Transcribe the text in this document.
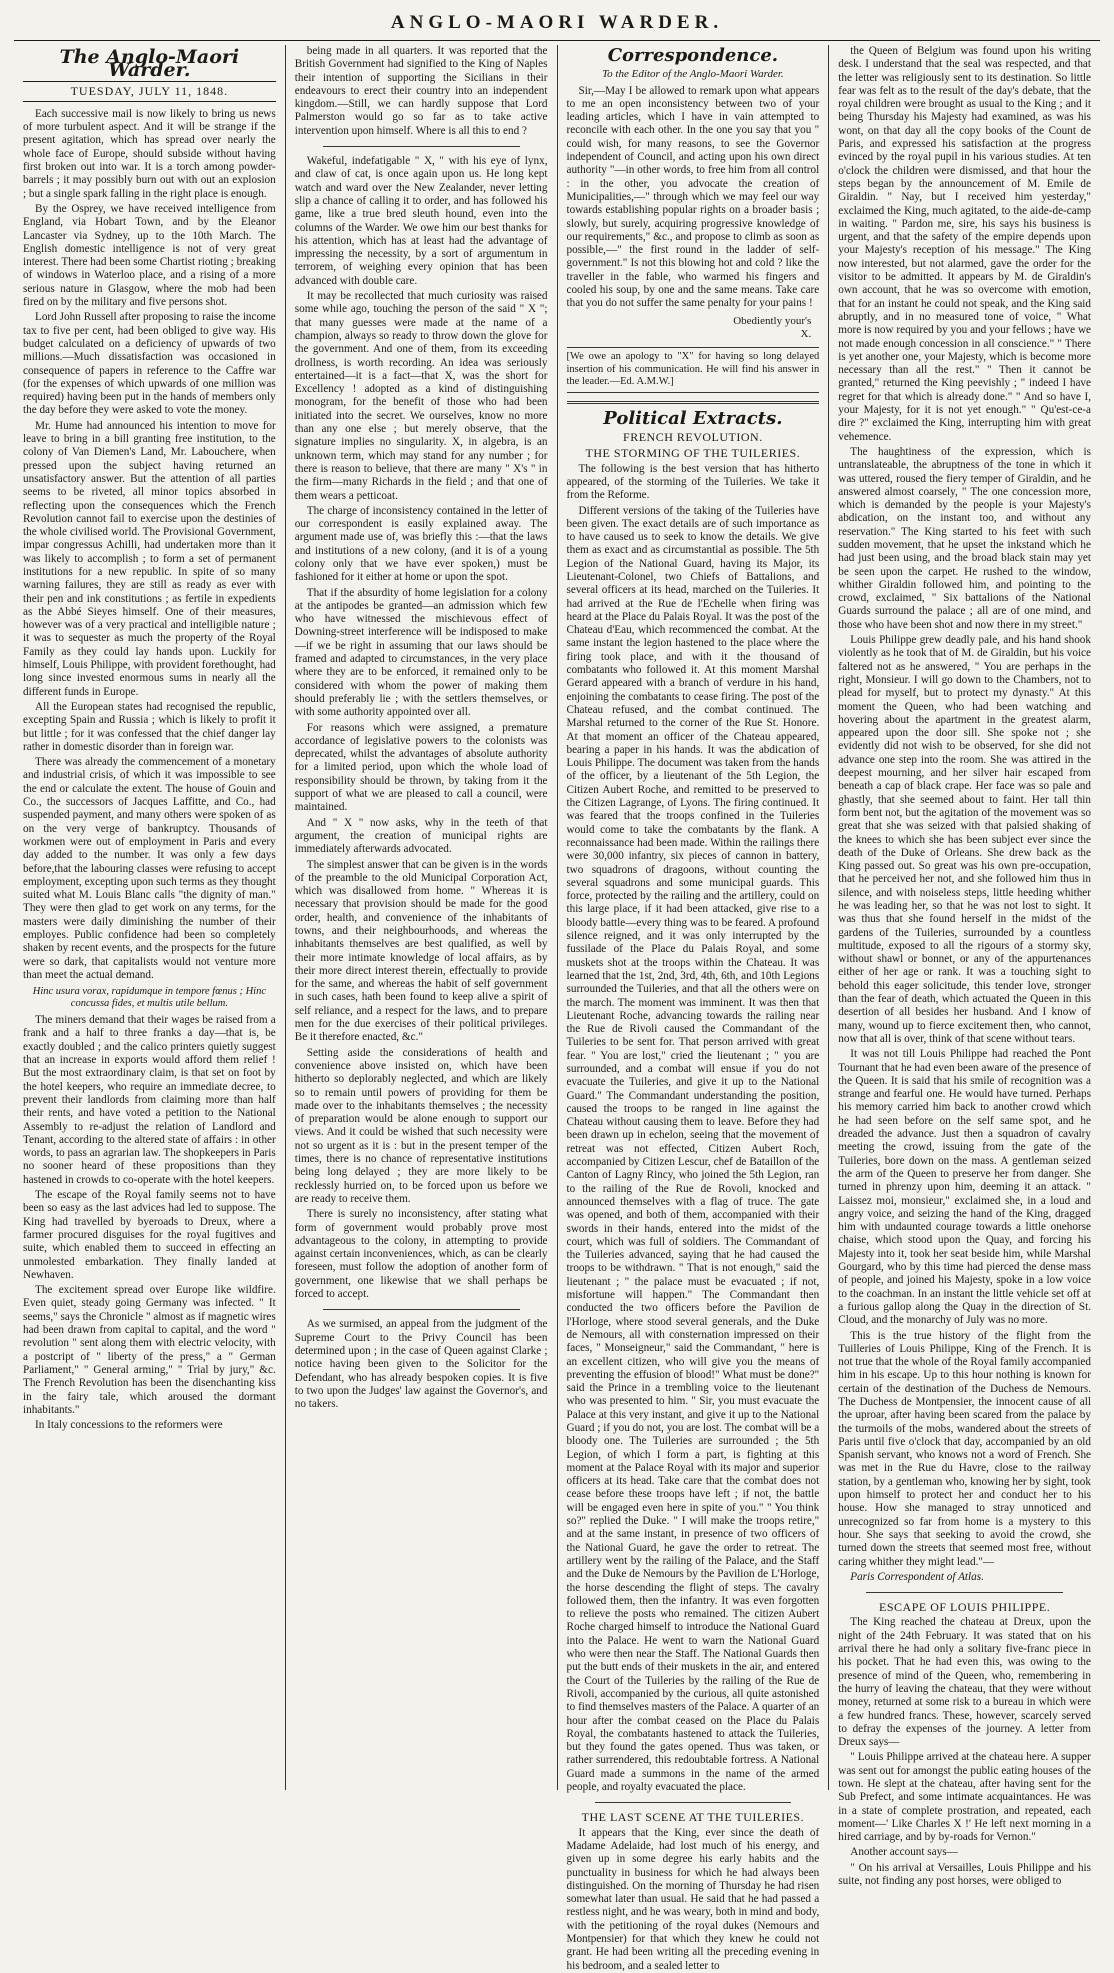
ANGLO-MAORI WARDER.
The Anglo-Maori Warder.
TUESDAY, JULY 11, 1848.

Each successive mail is now likely to bring us news of more turbulent aspect. And it will be strange if the present agitation, which has spread over nearly the whole face of Europe, should subside without having first broken out into war. It is a torch among powder-barrels ; it may possibly burn out with out an explosion ; but a single spark falling in the right place is enough.

By the Osprey, we have received intelligence from England, via Hobart Town, and by the Eleanor Lancaster via Sydney, up to the 10th March. The English domestic intelligence is not of very great interest. There had been some Chartist rioting ; breaking of windows in Waterloo place, and a rising of a more serious nature in Glasgow, where the mob had been fired on by the military and five persons shot.

Lord John Russell after proposing to raise the income tax to five per cent, had been obliged to give way. His budget calculated on a deficiency of upwards of two millions.—Much dissatisfaction was occasioned in consequence of papers in reference to the Caffre war (for the expenses of which upwards of one million was required) having been put in the hands of members only the day before they were asked to vote the money.

Mr. Hume had announced his intention to move for leave to bring in a bill granting free institution, to the colony of Van Diemen's Land, Mr. Labouchere, when pressed upon the subject having returned an unsatisfactory answer. But the attention of all parties seems to be riveted, all minor topics absorbed in reflecting upon the consequences which the French Revolution cannot fail to exercise upon the destinies of the whole civilised world. The Provisional Government, impar congressus Achilli, had undertaken more than it was likely to accomplish ; to form a set of permanent institutions for a new republic. In spite of so many warning failures, they are still as ready as ever with their pen and ink constitutions ; as fertile in expedients as the Abbé Sieyes himself. One of their measures, however was of a very practical and intelligible nature ; it was to sequester as much the property of the Royal Family as they could lay hands upon. Luckily for himself, Louis Philippe, with provident forethought, had long since invested enormous sums in nearly all the different funds in Europe.

All the European states had recognised the republic, excepting Spain and Russia ; which is likely to profit it but little ; for it was confessed that the chief danger lay rather in domestic disorder than in foreign war.

There was already the commencement of a monetary and industrial crisis, of which it was impossible to see the end or calculate the extent. The house of Gouin and Co., the successors of Jacques Laffitte, and Co., had suspended payment, and many others were spoken of as on the very verge of bankruptcy. Thousands of workmen were out of employment in Paris and every day added to the number. It was only a few days before,that the labouring classes were refusing to accept employment, excepting upon such terms as they thought suited what M. Louis Blanc calls "the dignity of man." They were then glad to get work on any terms, for the masters were daily diminishing the number of their employes. Public confidence had been so completely shaken by recent events, and the prospects for the future were so dark, that capitalists would not venture more than meet the actual demand.

Hinc usura vorax, rapidumque in tempore fœnus ; Hinc concussa fides, et multis utile bellum.

The miners demand that their wages be raised from a frank and a half to three franks a day—that is, be exactly doubled ; and the calico printers quietly suggest that an increase in exports would afford them relief ! But the most extraordinary claim, is that set on foot by the hotel keepers, who require an immediate decree, to prevent their landlords from claiming more than half their rents, and have voted a petition to the National Assembly to re-adjust the relation of Landlord and Tenant, according to the altered state of affairs : in other words, to pass an agrarian law. The shopkeepers in Paris no sooner heard of these propositions than they hastened in crowds to co-operate with the hotel keepers.

The escape of the Royal family seems not to have been so easy as the last advices had led to suppose. The King had travelled by byeroads to Dreux, where a farmer procured disguises for the royal fugitives and suite, which enabled them to succeed in effecting an unmolested embarkation. They finally landed at Newhaven.

The excitement spread over Europe like wildfire. Even quiet, steady going Germany was infected. " It seems," says the Chronicle " almost as if magnetic wires had been drawn from capital to capital, and the word " revolution " sent along them with electric velocity, with a postcript of " liberty of the press," a " German Parliament," " General arming," " Trial by jury," &c. The French Revolution has been the disenchanting kiss in the fairy tale, which aroused the dormant inhabitants."

In Italy concessions to the reformers were

being made in all quarters. It was reported that the British Government had signified to the King of Naples their intention of supporting the Sicilians in their endeavours to erect their country into an independent kingdom.—Still, we can hardly suppose that Lord Palmerston would go so far as to take active intervention upon himself. Where is all this to end ?

Wakeful, indefatigable " X, " with his eye of lynx, and claw of cat, is once again upon us. He long kept watch and ward over the New Zealander, never letting slip a chance of calling it to order, and has followed his game, like a true bred sleuth hound, even into the columns of the Warder. We owe him our best thanks for his attention, which has at least had the advantage of impressing the necessity, by a sort of argumentum in terrorem, of weighing every opinion that has been advanced with double care.

It may be recollected that much curiosity was raised some while ago, touching the person of the said " X "; that many guesses were made at the name of a champion, always so ready to throw down the glove for the government. And one of them, from its exceeding drollness, is worth recording. An idea was seriously entertained—it is a fact—that X, was the short for Excellency ! adopted as a kind of distinguishing monogram, for the benefit of those who had been initiated into the secret. We ourselves, know no more than any one else ; but merely observe, that the signature implies no singularity. X, in algebra, is an unknown term, which may stand for any number ; for there is reason to believe, that there are many " X's " in the firm—many Richards in the field ; and that one of them wears a petticoat.

The charge of inconsistency contained in the letter of our correspondent is easily explained away. The argument made use of, was briefly this :—that the laws and institutions of a new colony, (and it is of a young colony only that we have ever spoken,) must be fashioned for it either at home or upon the spot.

That if the absurdity of home legislation for a colony at the antipodes be granted—an admission which few who have witnessed the mischievous effect of Downing-street interference will be indisposed to make—if we be right in assuming that our laws should be framed and adapted to circumstances, in the very place where they are to be enforced, it remained only to be considered with whom the power of making them should preferably lie ; with the settlers themselves, or with some authority appointed over all.

For reasons which were assigned, a premature accordance of legislative powers to the colonists was deprecated, whilst the advantages of absolute authority for a limited period, upon which the whole load of responsibility should be thrown, by taking from it the support of what we are pleased to call a council, were maintained.

And " X " now asks, why in the teeth of that argument, the creation of municipal rights are immediately afterwards advocated.

The simplest answer that can be given is in the words of the preamble to the old Municipal Corporation Act, which was disallowed from home. " Whereas it is necessary that provision should be made for the good order, health, and convenience of the inhabitants of towns, and their neighbourhoods, and whereas the inhabitants themselves are best qualified, as well by their more intimate knowledge of local affairs, as by their more direct interest therein, effectually to provide for the same, and whereas the habit of self government in such cases, hath been found to keep alive a spirit of self reliance, and a respect for the laws, and to prepare men for the due exercises of their political privileges. Be it therefore enacted, &c."

Setting aside the considerations of health and convenience above insisted on, which have been hitherto so deplorably neglected, and which are likely so to remain until powers of providing for them be made over to the inhabitants themselves ; the necessity of preparation would be alone enough to support our views. And it could be wished that such necessity were not so urgent as it is : but in the present temper of the times, there is no chance of representative institutions being long delayed ; they are more likely to be recklessly hurried on, to be forced upon us before we are ready to receive them.

There is surely no inconsistency, after stating what form of government would probably prove most advantageous to the colony, in attempting to provide against certain inconveniences, which, as can be clearly foreseen, must follow the adoption of another form of government, one likewise that we shall perhaps be forced to accept.

As we surmised, an appeal from the judgment of the Supreme Court to the Privy Council has been determined upon ; in the case of Queen against Clarke ; notice having been given to the Solicitor for the Defendant, who has already bespoken copies. It is five to two upon the Judges' law against the Governor's, and no takers.

Correspondence.
To the Editor of the Anglo-Maori Warder.

Sir,—May I be allowed to remark upon what appears to me an open inconsistency between two of your leading articles, which I have in vain attempted to reconcile with each other. In the one you say that you " could wish, for many reasons, to see the Governor independent of Council, and acting upon his own direct authority "—in other words, to free him from all control : in the other, you advocate the creation of Municipalities,—" through which we may feel our way towards establishing popular rights on a broader basis ; slowly, but surely, acquiring progressive knowledge of our requirements," &c., and propose to climb as soon as possible,—" the first round in the ladder of self-government." Is not this blowing hot and cold ? like the traveller in the fable, who warmed his fingers and cooled his soup, by one and the same means. Take care that you do not suffer the same penalty for your pains !

Obediently your's
X.
[We owe an apology to "X" for having so long delayed insertion of his communication. He will find his answer in the leader.—Ed. A.M.W.]
Political Extracts.
FRENCH REVOLUTION.
THE STORMING OF THE TUILERIES.

The following is the best version that has hitherto appeared, of the storming of the Tuileries. We take it from the Reforme.

Different versions of the taking of the Tuileries have been given. The exact details are of such importance as to have caused us to seek to know the details. We give them as exact and as circumstantial as possible. The 5th Legion of the National Guard, having its Major, its Lieutenant-Colonel, two Chiefs of Battalions, and several officers at its head, marched on the Tuileries. It had arrived at the Rue de l'Echelle when firing was heard at the Place du Palais Royal. It was the post of the Chateau d'Eau, which recommenced the combat. At the same instant the legion hastened to the place where the firing took place, and with it the thousand of combatants who followed it. At this moment Marshal Gerard appeared with a branch of verdure in his hand, enjoining the combatants to cease firing. The post of the Chateau refused, and the combat continued. The Marshal returned to the corner of the Rue St. Honore. At that moment an officer of the Chateau appeared, bearing a paper in his hands. It was the abdication of Louis Philippe. The document was taken from the hands of the officer, by a lieutenant of the 5th Legion, the Citizen Aubert Roche, and remitted to be preserved to the Citizen Lagrange, of Lyons. The firing continued. It was feared that the troops confined in the Tuileries would come to take the combatants by the flank. A reconnaissance had been made. Within the railings there were 30,000 infantry, six pieces of cannon in battery, two squadrons of dragoons, without counting the several squadrons and some municipal guards. This force, protected by the railing and the artillery, could on this large place, if it had been attacked, give rise to a bloody battle—every thing was to be feared. A profound silence reigned, and it was only interrupted by the fussilade of the Place du Palais Royal, and some muskets shot at the troops within the Chateau. It was learned that the 1st, 2nd, 3rd, 4th, 6th, and 10th Legions surrounded the Tuileries, and that all the others were on the march. The moment was imminent. It was then that Lieutenant Roche, advancing towards the railing near the Rue de Rivoli caused the Commandant of the Tuileries to be sent for. That person arrived with great fear. " You are lost," cried the lieutenant ; " you are surrounded, and a combat will ensue if you do not evacuate the Tuileries, and give it up to the National Guard." The Commandant understanding the position, caused the troops to be ranged in line against the Chateau without causing them to leave. Before they had been drawn up in echelon, seeing that the movement of retreat was not effected, Citizen Aubert Roch, accompanied by Citizen Lescur, chef de Bataillon of the Canton of Lagny Rincy, who joined the 5th Legion, ran to the railing of the Rue de Rovoli, knocked and announced themselves with a flag of truce. The gate was opened, and both of them, accompanied with their swords in their hands, entered into the midst of the court, which was full of soldiers. The Commandant of the Tuileries advanced, saying that he had caused the troops to be withdrawn. " That is not enough," said the lieutenant ; " the palace must be evacuated ; if not, misfortune will happen." The Commandant then conducted the two officers before the Pavilion de l'Horloge, where stood several generals, and the Duke de Nemours, all with consternation impressed on their faces, " Monseigneur," said the Commandant, " here is an excellent citizen, who will give you the means of preventing the effusion of blood!" What must be done?" said the Prince in a trembling voice to the lieutenant who was presented to him. " Sir, you must evacuate the Palace at this very instant, and give it up to the National Guard ; if you do not, you are lost. The combat will be a bloody one. The Tuileries are surrounded ; the 5th Legion, of which I form a part, is fighting at this moment at the Palace Royal with its major and superior officers at its head. Take care that the combat does not cease before these troops have left ; if not, the battle will be engaged even here in spite of you." " You think so?" replied the Duke. " I will make the troops retire," and at the same instant, in presence of two officers of the National Guard, he gave the order to retreat. The artillery went by the railing of the Palace, and the Staff and the Duke de Nemours by the Pavilion de L'Horloge, the horse descending the flight of steps. The cavalry followed them, then the infantry. It was even forgotten to relieve the posts who remained. The citizen Aubert Roche charged himself to introduce the National Guard into the Palace. He went to warn the National Guard who were then near the Staff. The National Guards then put the butt ends of their muskets in the air, and entered the Court of the Tuileries by the railing of the Rue de Rivoli, accompanied by the curious, all quite astonished to find themselves masters of the Palace. A quarter of an hour after the combat ceased on the Place du Palais Royal, the combatants hastened to attack the Tuileries, but they found the gates opened. Thus was taken, or rather surrendered, this redoubtable fortress. A National Guard made a summons in the name of the armed people, and royalty evacuated the place.

THE LAST SCENE AT THE TUILERIES.

It appears that the King, ever since the death of Madame Adelaide, had lost much of his energy, and given up in some degree his early habits and the punctuality in business for which he had always been distinguished. On the morning of Thursday he had risen somewhat later than usual. He said that he had passed a restless night, and he was weary, both in mind and body, with the petitioning of the royal dukes (Nemours and Montpensier) for that which they knew he could not grant. He had been writing all the preceding evening in his bedroom, and a sealed letter to

the Queen of Belgium was found upon his writing desk. I understand that the seal was respected, and that the letter was religiously sent to its destination. So little fear was felt as to the result of the day's debate, that the royal children were brought as usual to the King ; and it being Thursday his Majesty had examined, as was his wont, on that day all the copy books of the Count de Paris, and expressed his satisfaction at the progress evinced by the royal pupil in his various studies. At ten o'clock the children were dismissed, and that hour the steps began by the announcement of M. Emile de Giraldin. " Nay, but I received him yesterday," exclaimed the King, much agitated, to the aide-de-camp in waiting. " Pardon me, sire, his says his business is urgent, and that the safety of the empire depends upon your Majesty's reception of his message." The King now interested, but not alarmed, gave the order for the visitor to be admitted. It appears by M. de Giraldin's own account, that he was so overcome with emotion, that for an instant he could not speak, and the King said abruptly, and in no measured tone of voice, " What more is now required by you and your fellows ; have we not made enough concession in all conscience." " There is yet another one, your Majesty, which is become more necessary than all the rest." " Then it cannot be granted," returned the King peevishly ; " indeed I have regret for that which is already done." " And so have I, your Majesty, for it is not yet enough." " Qu'est-ce-a dire ?" exclaimed the King, interrupting him with great vehemence.

The haughtiness of the expression, which is untranslateable, the abruptness of the tone in which it was uttered, roused the fiery temper of Giraldin, and he answered almost coarsely, " The one concession more, which is demanded by the people is your Majesty's abdication, on the instant too, and without any reservation." The King started to his feet with such sudden movement, that he upset the inkstand which he had just been using, and the broad black stain may yet be seen upon the carpet. He rushed to the window, whither Giraldin followed him, and pointing to the crowd, exclaimed, " Six battalions of the National Guards surround the palace ; all are of one mind, and those who have been shot and now there in my street."

Louis Philippe grew deadly pale, and his hand shook violently as he took that of M. de Giraldin, but his voice faltered not as he answered, " You are perhaps in the right, Monsieur. I will go down to the Chambers, not to plead for myself, but to protect my dynasty." At this moment the Queen, who had been watching and hovering about the apartment in the greatest alarm, appeared upon the door sill. She spoke not ; she evidently did not wish to be observed, for she did not advance one step into the room. She was attired in the deepest mourning, and her silver hair escaped from beneath a cap of black crape. Her face was so pale and ghastly, that she seemed about to faint. Her tall thin form bent not, but the agitation of the movement was so great that she was seized with that palsied shaking of the knees to which she has been subject ever since the death of the Duke of Orleans. She drew back as the King passed out. So great was his own pre-occupation, that he perceived her not, and she followed him thus in silence, and with noiseless steps, little heeding whither he was leading her, so that he was not lost to sight. It was thus that she found herself in the midst of the gardens of the Tuileries, surrounded by a countless multitude, exposed to all the rigours of a stormy sky, without shawl or bonnet, or any of the appurtenances either of her age or rank. It was a touching sight to behold this eager solicitude, this tender love, stronger than the fear of death, which actuated the Queen in this desertion of all besides her husband. And I know of many, wound up to fierce excitement then, who cannot, now that all is over, think of that scene without tears.

It was not till Louis Philippe had reached the Pont Tournant that he had even been aware of the presence of the Queen. It is said that his smile of recognition was a strange and fearful one. He would have turned. Perhaps his memory carried him back to another crowd which he had seen before on the self same spot, and he dreaded the advance. Just then a squadron of cavalry meeting the crowd, issuing from the gate of the Tuileries, bore down on the mass. A gentleman seized the arm of the Queen to preserve her from danger. She turned in phrenzy upon him, deeming it an attack. " Laissez moi, monsieur," exclaimed she, in a loud and angry voice, and seizing the hand of the King, dragged him with undaunted courage towards a little onehorse chaise, which stood upon the Quay, and forcing his Majesty into it, took her seat beside him, while Marshal Gourgard, who by this time had pierced the dense mass of people, and joined his Majesty, spoke in a low voice to the coachman. In an instant the little vehicle set off at a furious gallop along the Quay in the direction of St. Cloud, and the monarchy of July was no more.

This is the true history of the flight from the Tuilleries of Louis Philippe, King of the French. It is not true that the whole of the Royal family accompanied him in his escape. Up to this hour nothing is known for certain of the destination of the Duchess de Nemours. The Duchess de Montpensier, the innocent cause of all the uproar, after having been scared from the palace by the turmoils of the mobs, wandered about the streets of Paris until five o'clock that day, accompanied by an old Spanish servant, who knows not a word of French. She was met in the Rue du Havre, close to the railway station, by a gentleman who, knowing her by sight, took upon himself to protect her and conduct her to his house. How she managed to stray unnoticed and unrecognized so far from home is a mystery to this hour. She says that seeking to avoid the crowd, she turned down the streets that seemed most free, without caring whither they might lead."—

Paris Correspondent of Atlas.

ESCAPE OF LOUIS PHILIPPE.

The King reached the chateau at Dreux, upon the night of the 24th February. It was stated that on his arrival there he had only a solitary five-franc piece in his pocket. That he had even this, was owing to the presence of mind of the Queen, who, remembering in the hurry of leaving the chateau, that they were without money, returned at some risk to a bureau in which were a few hundred francs. These, however, scarcely served to defray the expenses of the journey. A letter from Dreux says—

" Louis Philippe arrived at the chateau here. A supper was sent out for amongst the public eating houses of the town. He slept at the chateau, after having sent for the Sub Prefect, and some intimate acquaintances. He was in a state of complete prostration, and repeated, each moment—' Like Charles X !' He left next morning in a hired carriage, and by by-roads for Vernon."

Another account says—

" On his arrival at Versailles, Louis Philippe and his suite, not finding any post horses, were obliged to
